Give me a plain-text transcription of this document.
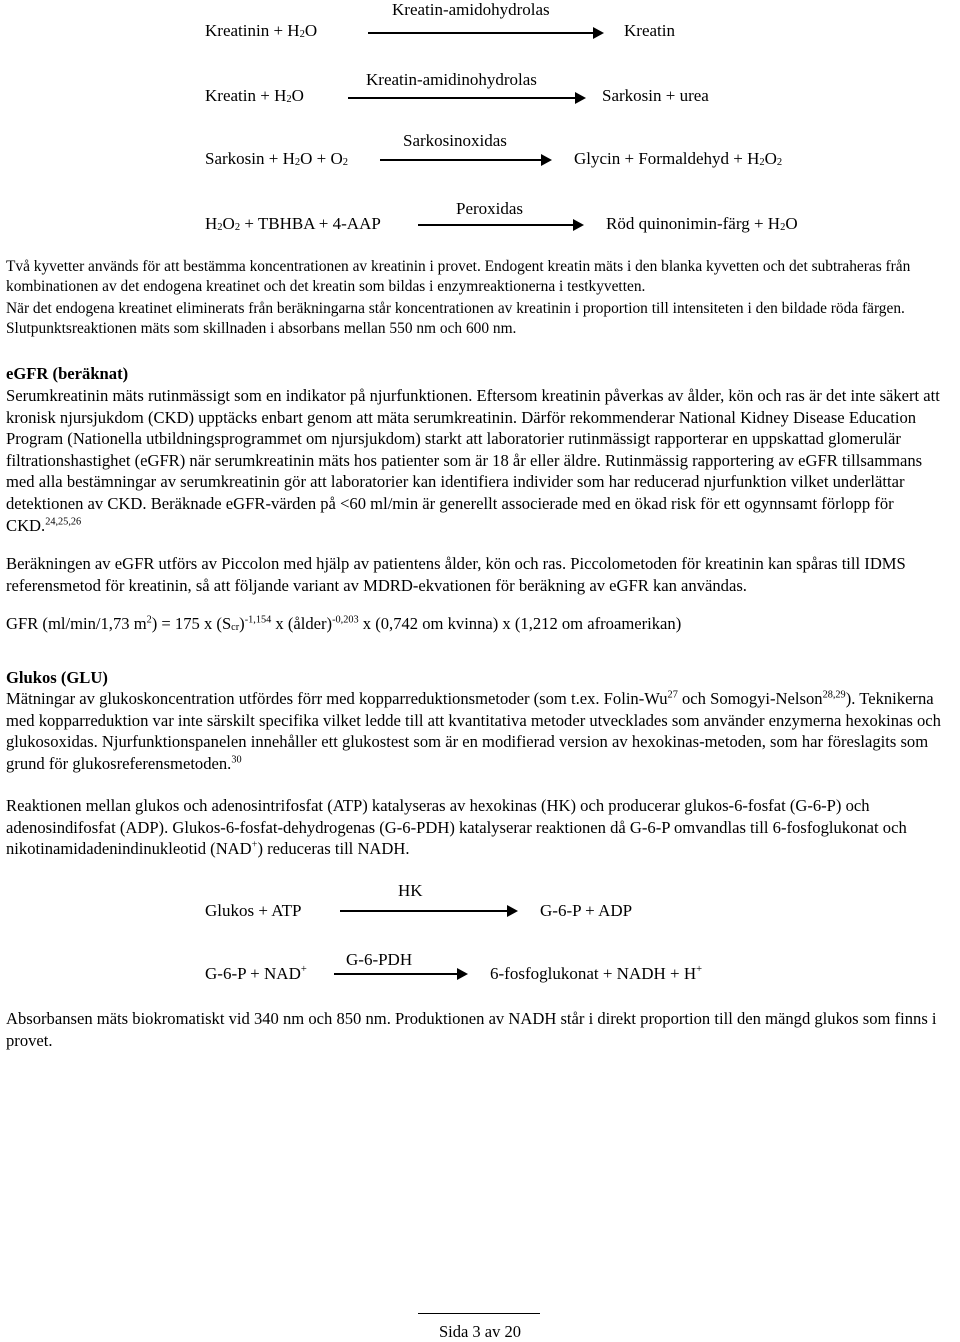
Kreatin-amidohydrolas
Kreatinin + $H_2O$	Kreatin
Kreatin-amidinohydrolas
Kreatin + $H_2O$	Sarkosin + urea
Sarkosinoxidas
Sarkosin + $H_2O + O_2$	Glycin + Formaldehyd + $H_2O_2$
Peroxidas
$H_2O_2$ + TBHBA + 4-AAP	Röd quinonimin-färg + $H_2O$
Två kyvetter används för att bestämma koncentrationen av kreatinin i provet. Endogent kreatin mäts i den blanka kyvetten och det subtraheras från kombinationen av det endogena kreatinet och det kreatin som bildas i enzymreaktionerna i testkyvetten.
När det endogena kreatinet eliminerats från beräkningarna står koncentrationen av kreatinin i proportion till intensiteten i den bildade röda färgen. Slutpunktsreaktionen mäts som skillnaden i absorbans mellan 550 nm och 600 nm.
eGFR (beräknat)
Serumkreatinin mäts rutinmässigt som en indikator på njurfunktionen. Eftersom kreatinin påverkas av ålder, kön och ras är det inte säkert att kronisk njursjukdom (CKD) upptäcks enbart genom att mäta serumkreatinin. Därför rekommenderar National Kidney Disease Education Program (Nationella utbildningsprogrammet om njursjukdom) starkt att laboratorier rutinmässigt rapporterar en uppskattad glomerulär filtrationshastighet (eGFR) när serumkreatinin mäts hos patienter som är 18 år eller äldre. Rutinmässig rapportering av eGFR tillsammans med alla bestämningar av serumkreatinin gör att laboratorier kan identifiera individer som har reducerad njurfunktion vilket underlättar detektionen av CKD. Beräknade eGFR-värden på <60 ml/min är generellt associerade med en ökad risk för ett ogynnsamt förlopp för CKD.$^{24,25,26}$
Beräkningen av eGFR utförs av Piccolon med hjälp av patientens ålder, kön och ras. Piccolometoden för kreatinin kan spåras till IDMS referensmetod för kreatinin, så att följande variant av MDRD-ekvationen för beräkning av eGFR kan användas.
GFR (ml/min/1,73 $m^2) = 175$ x $(S_{cr})^{-1,154}$ x (ålder)$^{-0,203}$ x (0,742 om kvinna) x (1,212 om afroamerikan)
Glukos (GLU)
Mätningar av glukoskoncentration utfördes förr med kopparreduktionsmetoder (som t.ex. Folin-Wu$^{27}$ och Somogyi-Nelson$^{28,29}$). Teknikerna med kopparreduktion var inte särskilt specifika vilket ledde till att kvantitativa metoder utvecklades som använder enzymerna hexokinas och glukosoxidas. Njurfunktionspanelen innehåller ett glukostest som är en modifierad version av hexokinas-metoden, som har föreslagits som grund för glukosreferensmetoden.$^{30}$
Reaktionen mellan glukos och adenosintrifosfat (ATP) katalyseras av hexokinas (HK) och producerar glukos-6-fosfat (G-6-P) och adenosindifosfat (ADP). Glukos-6-fosfat-dehydrogenas (G-6-PDH) katalyserar reaktionen då G-6-P omvandlas till 6-fosfoglukonat och nikotinamidadenindinukleotid (NAD+) reduceras till NADH.
HK
Glukos + ATP	G-6-P + ADP
G-6-PDH
G-6-P + NAD+	6-fosfoglukonat + NADH + H+
Absorbansen mäts biokromatiskt vid 340 nm och 850 nm. Produktionen av NADH står i direkt proportion till den mängd glukos som finns i provet.
Sida 3 av 20
